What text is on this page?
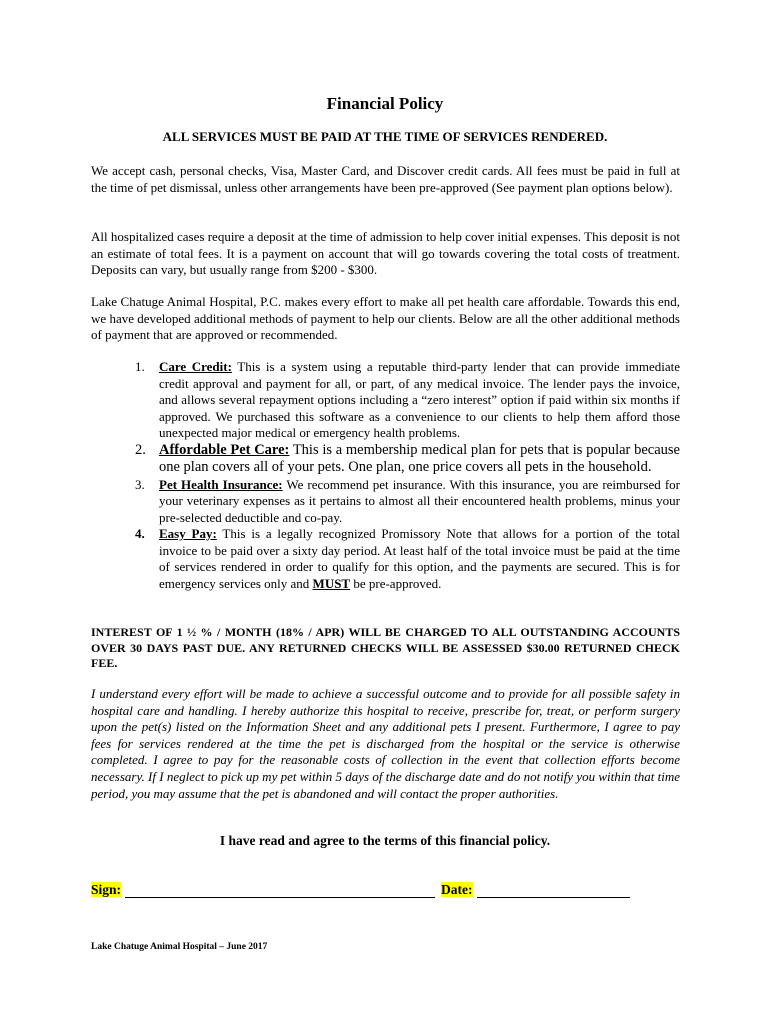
Financial Policy

ALL SERVICES MUST BE PAID AT THE TIME OF SERVICES RENDERED.

We accept cash, personal checks, Visa, Master Card, and Discover credit cards. All fees must be paid in full at the time of pet dismissal, unless other arrangements have been pre-approved (See payment plan options below).

All hospitalized cases require a deposit at the time of admission to help cover initial expenses. This deposit is not an estimate of total fees. It is a payment on account that will go towards covering the total costs of treatment. Deposits can vary, but usually range from $200 - $300.

Lake Chatuge Animal Hospital, P.C. makes every effort to make all pet health care affordable. Towards this end, we have developed additional methods of payment to help our clients. Below are all the other additional methods of payment that are approved or recommended.

1. Care Credit: This is a system using a reputable third-party lender that can provide immediate credit approval and payment for all, or part, of any medical invoice. The lender pays the invoice, and allows several repayment options including a “zero interest” option if paid within six months if approved. We purchased this software as a convenience to our clients to help them afford those unexpected major medical or emergency health problems.
2. Affordable Pet Care: This is a membership medical plan for pets that is popular because one plan covers all of your pets. One plan, one price covers all pets in the household.
3. Pet Health Insurance: We recommend pet insurance. With this insurance, you are reimbursed for your veterinary expenses as it pertains to almost all their encountered health problems, minus your pre-selected deductible and co-pay.
4. Easy Pay: This is a legally recognized Promissory Note that allows for a portion of the total invoice to be paid over a sixty day period. At least half of the total invoice must be paid at the time of services rendered in order to qualify for this option, and the payments are secured. This is for emergency services only and MUST be pre-approved.

INTEREST OF 1 ½ % / MONTH (18% / APR) WILL BE CHARGED TO ALL OUTSTANDING ACCOUNTS OVER 30 DAYS PAST DUE. ANY RETURNED CHECKS WILL BE ASSESSED $30.00 RETURNED CHECK FEE.

I understand every effort will be made to achieve a successful outcome and to provide for all possible safety in hospital care and handling. I hereby authorize this hospital to receive, prescribe for, treat, or perform surgery upon the pet(s) listed on the Information Sheet and any additional pets I present. Furthermore, I agree to pay fees for services rendered at the time the pet is discharged from the hospital or the service is otherwise completed. I agree to pay for the reasonable costs of collection in the event that collection efforts become necessary. If I neglect to pick up my pet within 5 days of the discharge date and do not notify you within that time period, you may assume that the pet is abandoned and will contact the proper authorities.

I have read and agree to the terms of this financial policy.

Sign:	Date:

Lake Chatuge Animal Hospital – June 2017
